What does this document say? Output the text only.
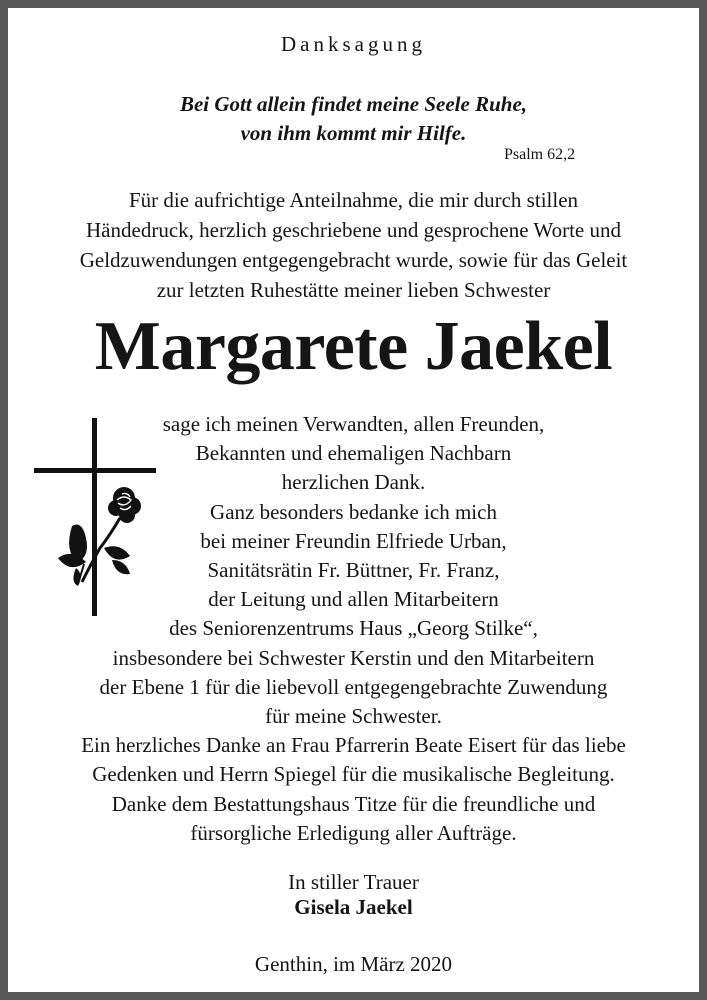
Danksagung
Bei Gott allein findet meine Seele Ruhe,
von ihm kommt mir Hilfe.
Psalm 62,2
Für die aufrichtige Anteilnahme, die mir durch stillen
Händedruck, herzlich geschriebene und gesprochene Worte und
Geldzuwendungen entgegengebracht wurde, sowie für das Geleit
zur letzten Ruhestätte meiner lieben Schwester
Margarete Jaekel
sage ich meinen Verwandten, allen Freunden,
Bekannten und ehemaligen Nachbarn
herzlichen Dank.
Ganz besonders bedanke ich mich
bei meiner Freundin Elfriede Urban,
Sanitätsrätin Fr. Büttner, Fr. Franz,
der Leitung und allen Mitarbeitern
des Seniorenzentrums Haus „Georg Stilke“,
insbesondere bei Schwester Kerstin und den Mitarbeitern
der Ebene 1 für die liebevoll entgegengebrachte Zuwendung
für meine Schwester.
Ein herzliches Danke an Frau Pfarrerin Beate Eisert für das liebe
Gedenken und Herrn Spiegel für die musikalische Begleitung.
Danke dem Bestattungshaus Titze für die freundliche und
fürsorgliche Erledigung aller Aufträge.
In stiller Trauer
Gisela Jaekel
Genthin, im März 2020
